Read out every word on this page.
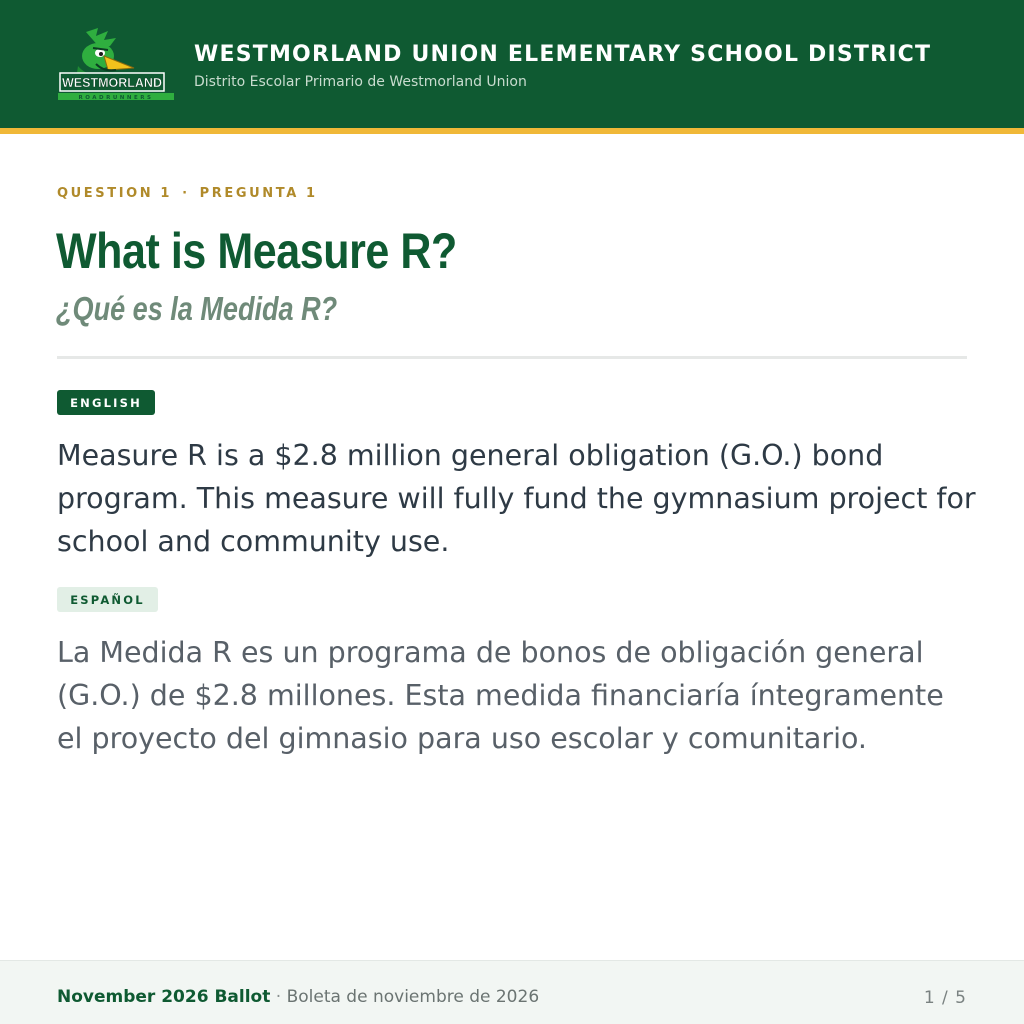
WESTMORLAND
ROADRUNNERS
WESTMORLAND UNION ELEMENTARY SCHOOL DISTRICT
Distrito Escolar Primario de Westmorland Union
QUESTION 1 · PREGUNTA 1
What is Measure R?
¿Qué es la Medida R?
ENGLISH

Measure R is a $2.8 million general obligation (G.O.) bond program. This measure will fully fund the gymnasium project for school and community use.

ESPAÑOL

La Medida R es un programa de bonos de obligación general (G.O.) de $2.8 millones. Esta medida financiaría íntegramente el proyecto del gimnasio para uso escolar y comunitario.

November 2026 Ballot · Boleta de noviembre de 2026	1 / 5
